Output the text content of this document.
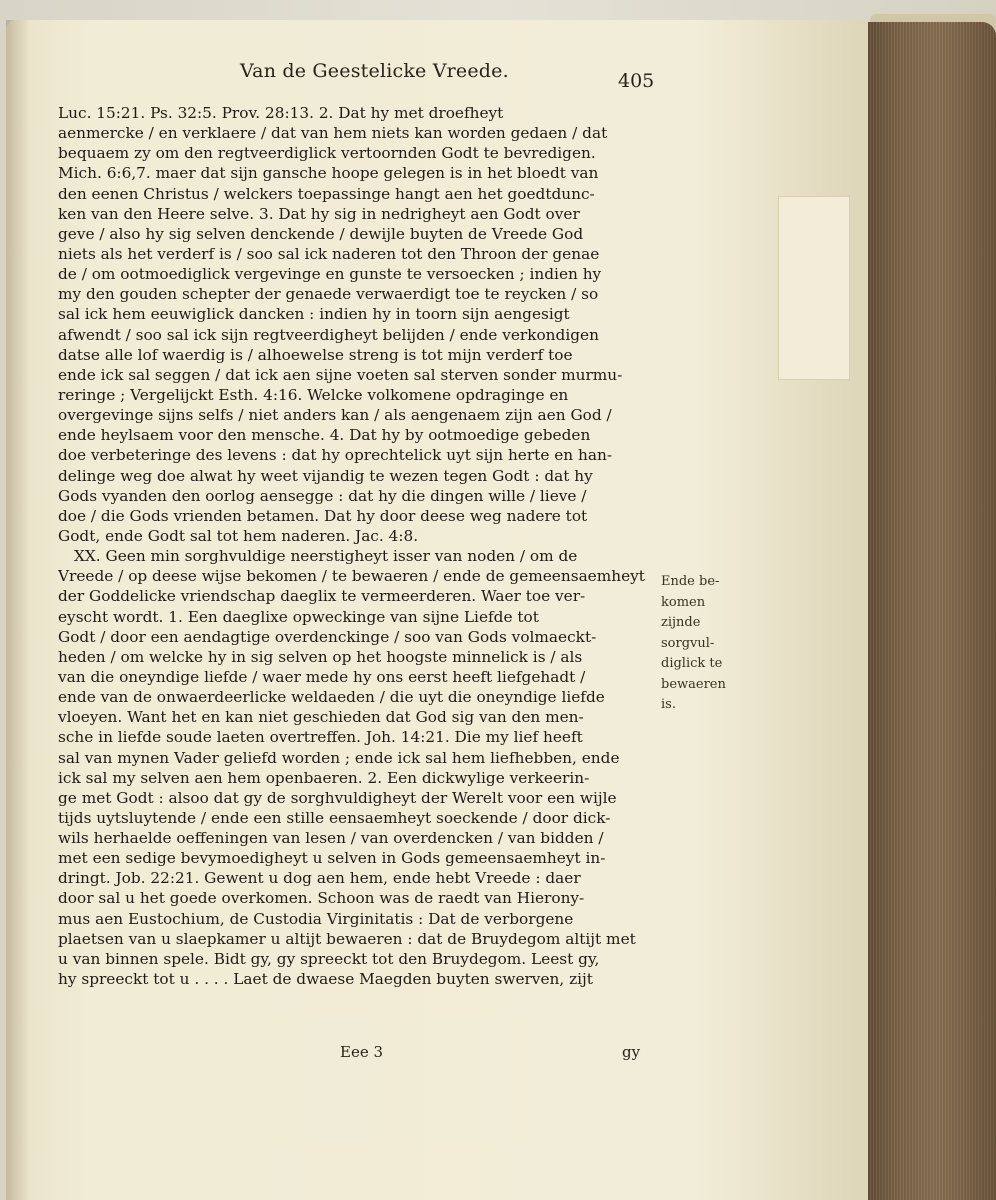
Van de Geestelicke Vreede.	405
Luc. 15:21. Ps. 32:5. Prov. 28:13. 2. Dat hy met droefheyt
aenmercke / en verklaere / dat van hem niets kan worden gedaen / dat
bequaem zy om den regtveerdiglick vertoornden Godt te bevredigen.
Mich. 6:6,7. maer dat sijn gansche hoope gelegen is in het bloedt van
den eenen Christus / welckers toepassinge hangt aen het goedtdunc-
ken van den Heere selve. 3. Dat hy sig in nedrigheyt aen Godt over
geve / also hy sig selven denckende / dewijle buyten de Vreede God
niets als het verderf is / soo sal ick naderen tot den Throon der genae
de / om ootmoediglick vergevinge en gunste te versoecken ; indien hy
my den gouden schepter der genaede verwaerdigt toe te reycken / so
sal ick hem eeuwiglick dancken : indien hy in toorn sijn aengesigt
afwendt / soo sal ick sijn regtveerdigheyt belijden / ende verkondigen
datse alle lof waerdig is / alhoewelse streng is tot mijn verderf toe
ende ick sal seggen / dat ick aen sijne voeten sal sterven sonder murmu-
reringe ; Vergelijckt Esth. 4:16. Welcke volkomene opdragingе en
overgevinge sijns selfs / niet anders kan / als aengenaem zijn aen God /
ende heylsaem voor den mensche. 4. Dat hy by ootmoedige gebeden
doe verbeteringe des levens : dat hy oprechtelick uyt sijn herte en han-
delinge weg doe alwat hy weet vijandig te wezen tegen Godt : dat hy
Gods vyanden den oorlog aensegge : dat hy die dingen wille / lieve /
doe / die Gods vrienden betamen. Dat hy door deese weg nadere tot
Godt, ende Godt sal tot hem naderen. Jac. 4:8.
XX. Geen min sorghvuldige neerstigheyt isser van noden / om de
Vreede / op deese wijse bekomen / te bewaeren / ende de gemeensaemheyt
der Goddelicke vriendschap daeglix te vermeerderen. Waer toe ver-
eyscht wordt. 1. Een daeglixe opweckinge van sijne Liefde tot
Godt / door een aendagtige overdenckinge / soo van Gods volmaeckt-
heden / om welcke hy in sig selven op het hoogste minnelick is / als
van die oneyndige liefde / waer mede hy ons eerst heeft liefgehadt /
ende van de onwaerdeerlicke weldaeden / die uyt die oneyndige liefde
vloeyen. Want het en kan niet geschieden dat God sig van den men-
sche in liefde soude laeten overtreffen. Joh. 14:21. Die my lief heeft
sal van mynen Vader geliefd worden ; ende ick sal hem liefhebben, ende
ick sal my selven aen hem openbaeren. 2. Een dickwylige verkeerin-
ge met Godt : alsoo dat gy de sorghvuldigheyt der Werelt voor een wijle
tijds uytsluytende / ende een stille eensaemheyt soeckende / door dick-
wils herhaelde oeffeningen van lesen / van overdencken / van bidden /
met een sedige bevymoedigheyt u selven in Gods gemeensaemheyt in-
dringt. Job. 22:21. Gewent u dog aen hem, ende hebt Vreede : daer
door sal u het goede overkomen. Schoon was de raedt van Hierony-
mus aen Eustochium, de Custodia Virginitatis : Dat de verborgene
plaetsen van u slaepkamer u altijt bewaeren : dat de Bruydegom altijt met
u van binnen spele. Bidt gy, gy spreeckt tot den Bruydegom. Leest gy,
hy spreeckt tot u . . . . Laet de dwaese Maegden buyten swerven, zijt
Ende be-
komen
zijnde
sorgvul-
diglick te
bewaeren
is.
Eee 3	gy
